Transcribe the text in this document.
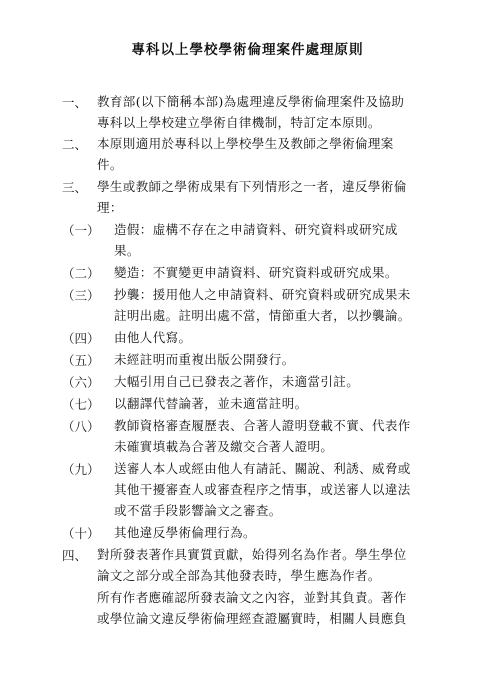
專科以上學校學術倫理案件處理原則
一、 教育部(以下簡稱本部)為處理違反學術倫理案件及協助
專科以上學校建立學術自律機制，特訂定本原則。
二、 本原則適用於專科以上學校學生及教師之學術倫理案
件。
三、 學生或教師之學術成果有下列情形之一者，違反學術倫
理：
（一） 造假：虛構不存在之申請資料、研究資料或研究成
果。
（二） 變造：不實變更申請資料、研究資料或研究成果。
（三） 抄襲：援用他人之申請資料、研究資料或研究成果未
註明出處。註明出處不當，情節重大者，以抄襲論。
（四） 由他人代寫。
（五） 未經註明而重複出版公開發行。
（六） 大幅引用自己已發表之著作，未適當引註。
（七） 以翻譯代替論著，並未適當註明。
（八） 教師資格審查履歷表、合著人證明登載不實、代表作
未確實填載為合著及繳交合著人證明。
（九） 送審人本人或經由他人有請託、關說、利誘、威脅或
其他干擾審查人或審查程序之情事，或送審人以違法
或不當手段影響論文之審查。
（十） 其他違反學術倫理行為。
四、 對所發表著作具實質貢獻，始得列名為作者。學生學位
論文之部分或全部為其他發表時，學生應為作者。
所有作者應確認所發表論文之內容，並對其負責。著作
或學位論文違反學術倫理經查證屬實時，相關人員應負
